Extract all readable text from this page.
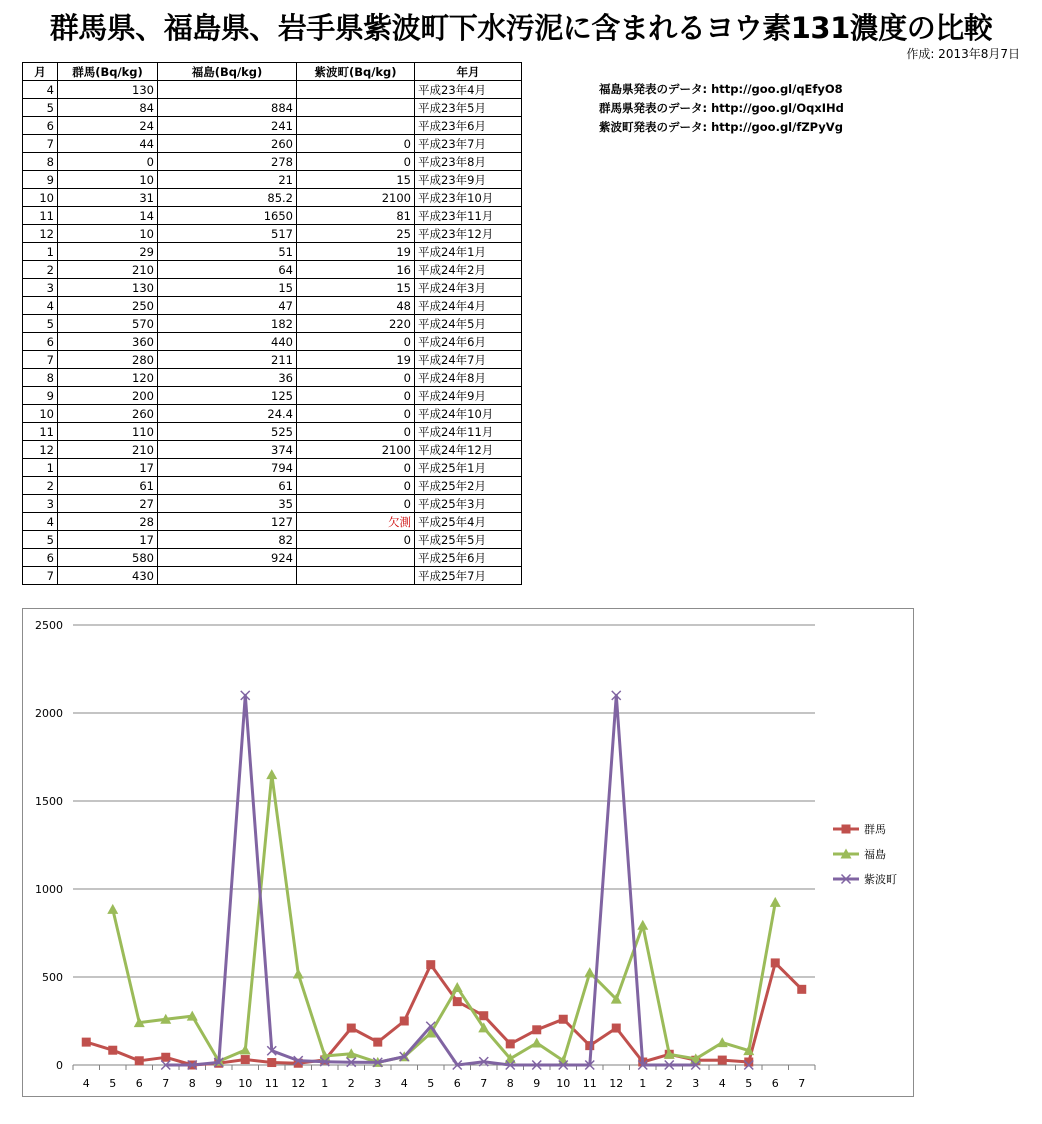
群馬県、福島県、岩手県紫波町下水汚泥に含まれるヨウ素131濃度の比較
作成: 2013年8月7日
月	群馬(Bq/kg)	福島(Bq/kg)	紫波町(Bq/kg)	年月
4	130			平成23年4月
5	84	884		平成23年5月
6	24	241		平成23年6月
7	44	260	0	平成23年7月
8	0	278	0	平成23年8月
9	10	21	15	平成23年9月
10	31	85.2	2100	平成23年10月
11	14	1650	81	平成23年11月
12	10	517	25	平成23年12月
1	29	51	19	平成24年1月
2	210	64	16	平成24年2月
3	130	15	15	平成24年3月
4	250	47	48	平成24年4月
5	570	182	220	平成24年5月
6	360	440	0	平成24年6月
7	280	211	19	平成24年7月
8	120	36	0	平成24年8月
9	200	125	0	平成24年9月
10	260	24.4	0	平成24年10月
11	110	525	0	平成24年11月
12	210	374	2100	平成24年12月
1	17	794	0	平成25年1月
2	61	61	0	平成25年2月
3	27	35	0	平成25年3月
4	28	127	欠測	平成25年4月
5	17	82	0	平成25年5月
6	580	924		平成25年6月
7	430			平成25年7月
福島県発表のデータ: http://goo.gl/qEfyO8
群馬県発表のデータ: http://goo.gl/OqxIHd
紫波町発表のデータ: http://goo.gl/fZPyVg
0
500
1000
1500
2000
2500
4 5 6 7 8 9 10 11 12 1 2 3 4 5 6 7 8 9 10 11 12 1 2 3 4 5 6 7
群馬
福島
紫波町
